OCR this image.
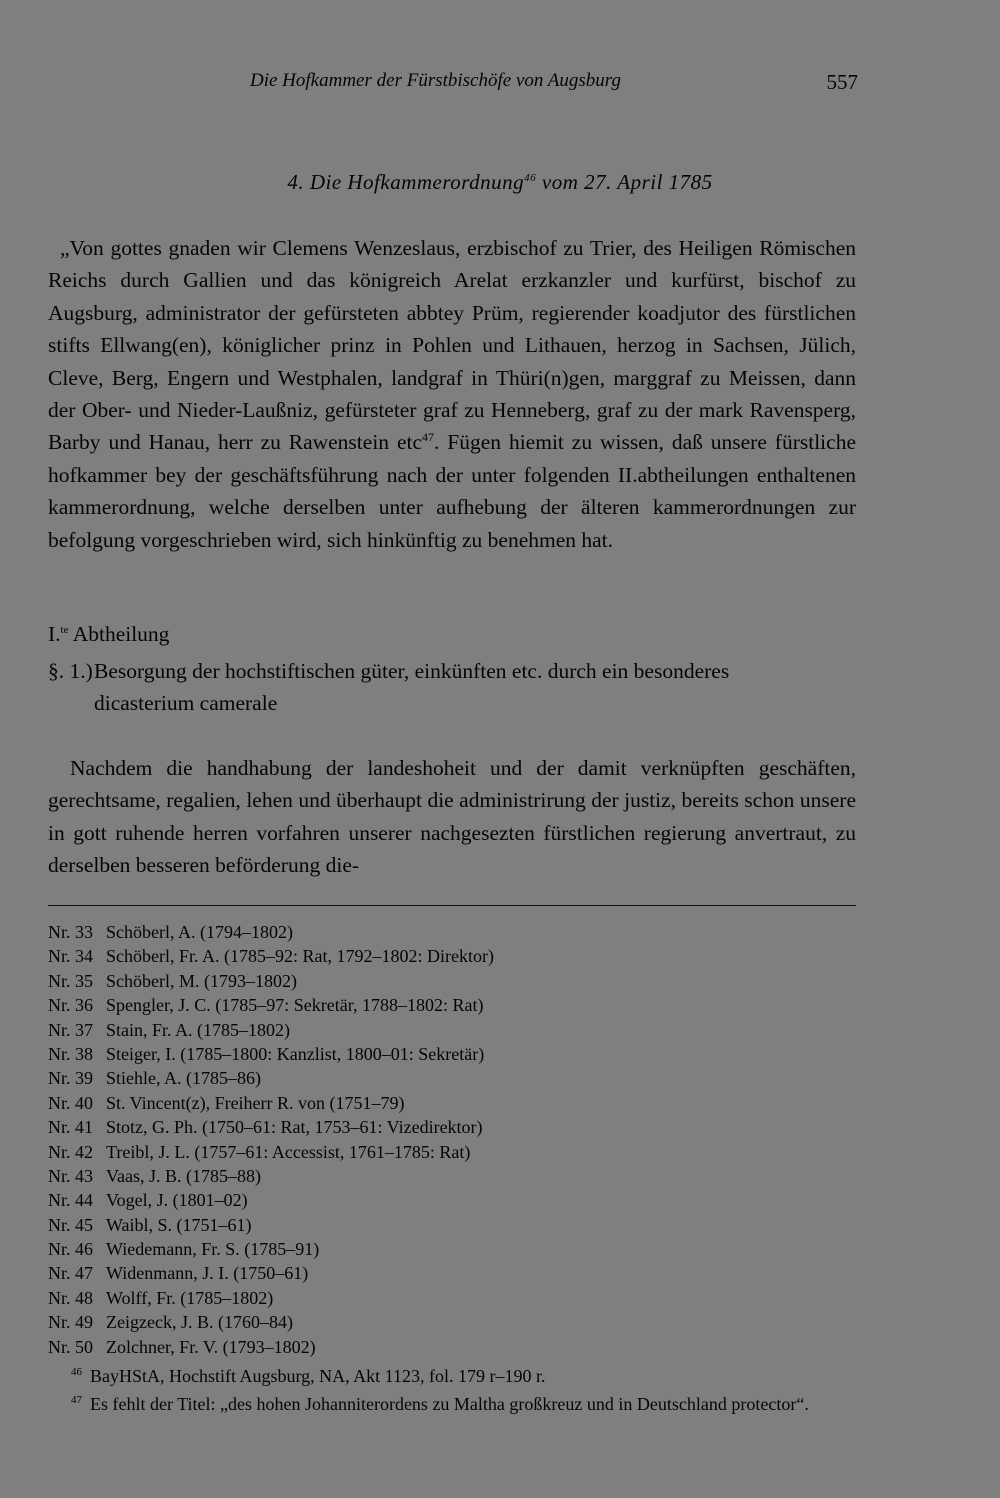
Die Hofkammer der Fürstbischöfe von Augsburg	557
4. Die Hofkammerordnung$^{46}$ vom 27. April 1785
„Von gottes gnaden wir Clemens Wenzeslaus, erzbischof zu Trier, des Heiligen Römischen Reichs durch Gallien und das königreich Arelat erzkanzler und kurfürst, bischof zu Augsburg, administrator der gefürsteten abbtey Prüm, regierender koadjutor des fürstlichen stifts Ellwang(en), königlicher prinz in Pohlen und Lithauen, herzog in Sachsen, Jülich, Cleve, Berg, Engern und Westphalen, landgraf in Thüri(n)gen, marggraf zu Meissen, dann der Ober- und Nieder-Laußniz, gefürsteter graf zu Henneberg, graf zu der mark Ravensperg, Barby und Hanau, herr zu Rawenstein etc$^{47}$. Fügen hiemit zu wissen, daß unsere fürstliche hofkammer bey der geschäftsführung nach der unter folgenden II.abtheilungen enthaltenen kammerordnung, welche derselben unter aufhebung der älteren kammerordnungen zur befolgung vorgeschrieben wird, sich hinkünftig zu benehmen hat.
I.$^{te}$ Abtheilung
§. 1.)Besorgung der hochstiftischen güter, einkünften etc. durch ein besonderes
dicasterium camerale
Nachdem die handhabung der landeshoheit und der damit verknüpften geschäften, gerechtsame, regalien, lehen und überhaupt die administrirung der justiz, bereits schon unsere in gott ruhende herren vorfahren unserer nachgesezten fürstlichen regierung anvertraut, zu derselben besseren beförderung die-
Nr. 33 Schöberl, A. (1794–1802)
Nr. 34 Schöberl, Fr. A. (1785–92: Rat, 1792–1802: Direktor)
Nr. 35 Schöberl, M. (1793–1802)
Nr. 36 Spengler, J. C. (1785–97: Sekretär, 1788–1802: Rat)
Nr. 37 Stain, Fr. A. (1785–1802)
Nr. 38 Steiger, I. (1785–1800: Kanzlist, 1800–01: Sekretär)
Nr. 39 Stiehle, A. (1785–86)
Nr. 40 St. Vincent(z), Freiherr R. von (1751–79)
Nr. 41 Stotz, G. Ph. (1750–61: Rat, 1753–61: Vizedirektor)
Nr. 42 Treibl, J. L. (1757–61: Accessist, 1761–1785: Rat)
Nr. 43 Vaas, J. B. (1785–88)
Nr. 44 Vogel, J. (1801–02)
Nr. 45 Waibl, S. (1751–61)
Nr. 46 Wiedemann, Fr. S. (1785–91)
Nr. 47 Widenmann, J. I. (1750–61)
Nr. 48 Wolff, Fr. (1785–1802)
Nr. 49 Zeigzeck, J. B. (1760–84)
Nr. 50 Zolchner, Fr. V. (1793–1802)
$^{46}$ BayHStA, Hochstift Augsburg, NA, Akt 1123, fol. 179 r–190 r.
$^{47}$ Es fehlt der Titel: „des hohen Johanniterordens zu Maltha großkreuz und in Deutschland protector“.
